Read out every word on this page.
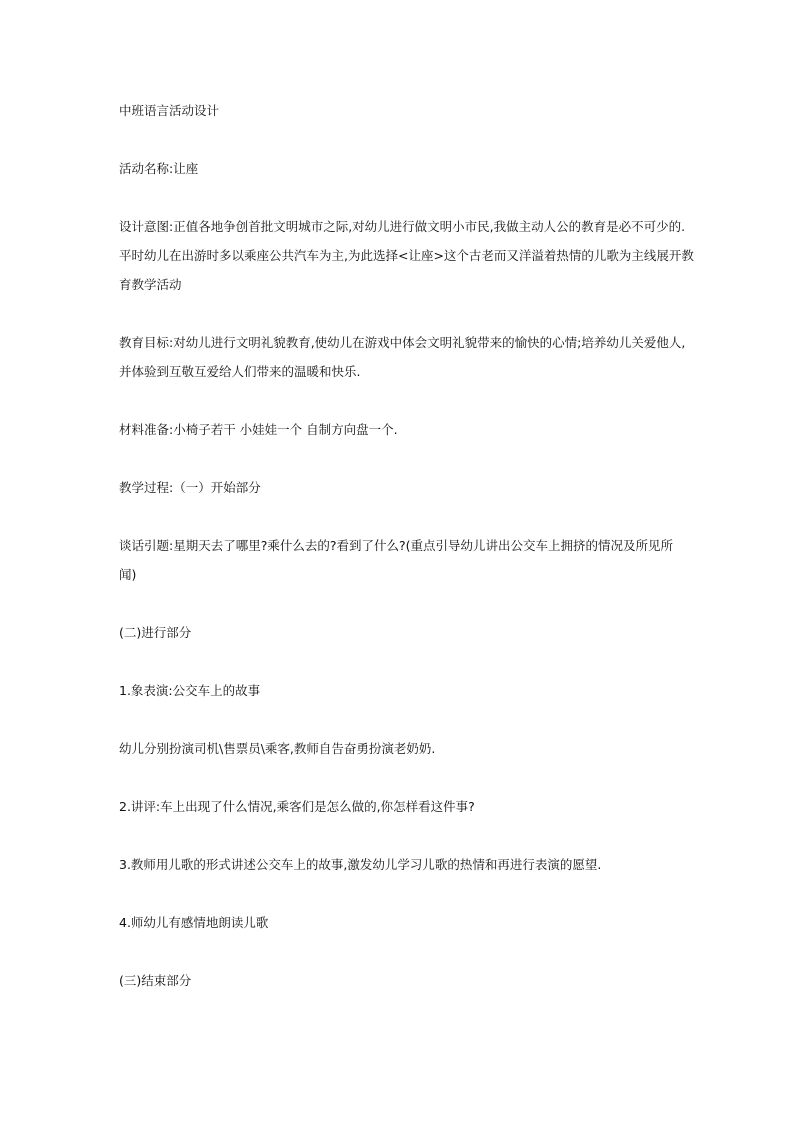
中班语言活动设计

活动名称:让座

设计意图:正值各地争创首批文明城市之际,对幼儿进行做文明小市民,我做主动人公的教育是必不可少的.

平时幼儿在出游时多以乘座公共汽车为主,为此选择<让座>这个古老而又洋溢着热情的儿歌为主线展开教

育教学活动

教育目标:对幼儿进行文明礼貌教育,使幼儿在游戏中体会文明礼貌带来的愉快的心情;培养幼儿关爱他人,

并体验到互敬互爱给人们带来的温暖和快乐.

材料准备:小椅子若干 小娃娃一个 自制方向盘一个.

教学过程:（一）开始部分

谈话引题:星期天去了哪里?乘什么去的?看到了什么?(重点引导幼儿讲出公交车上拥挤的情况及所见所

闻)

(二)进行部分

1.象表演:公交车上的故事

幼儿分别扮演司机\售票员\乘客,教师自告奋勇扮演老奶奶.

2.讲评:车上出现了什么情况,乘客们是怎么做的,你怎样看这件事?

3.教师用儿歌的形式讲述公交车上的故事,激发幼儿学习儿歌的热情和再进行表演的愿望.

4.师幼儿有感情地朗读儿歌

(三)结束部分
